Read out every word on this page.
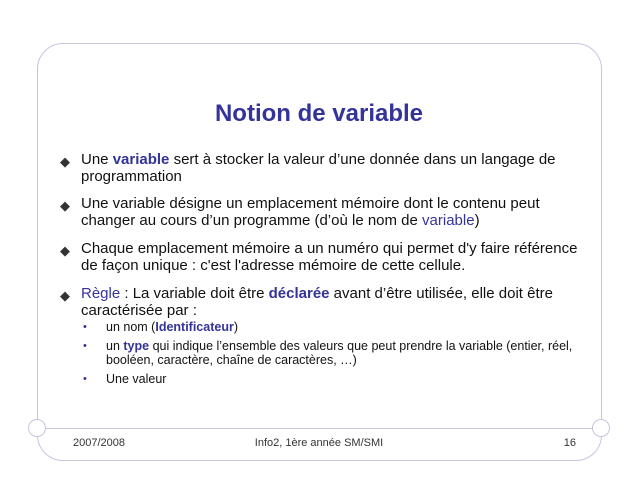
Notion de variable
◆ Une variable sert à stocker la valeur d’une donnée dans un langage de programmation
◆ Une variable désigne un emplacement mémoire dont le contenu peut changer au cours d’un programme (d’où le nom de variable)
◆ Chaque emplacement mémoire a un numéro qui permet d'y faire référence de façon unique : c'est l'adresse mémoire de cette cellule.
◆ Règle : La variable doit être déclarée avant d’être utilisée, elle doit être caractérisée par :
• un nom (Identificateur)
• un type qui indique l’ensemble des valeurs que peut prendre la variable (entier, réel, booléen, caractère, chaîne de caractères, …)
• Une valeur
2007/2008	Info2, 1ère année SM/SMI	16
